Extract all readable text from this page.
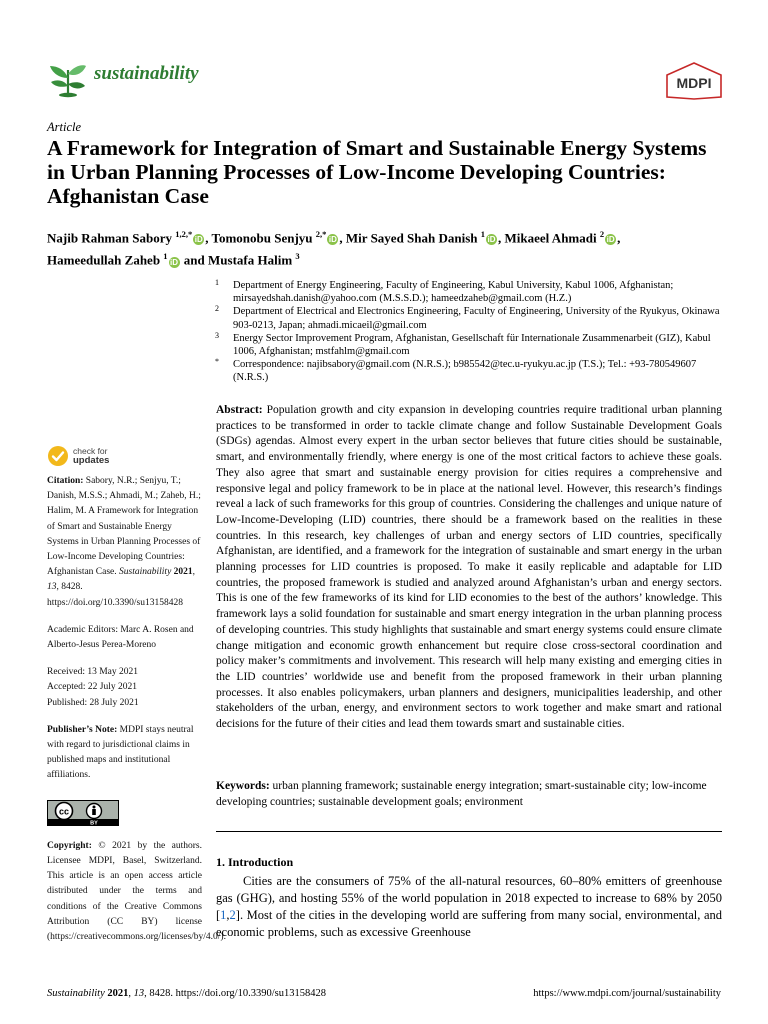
sustainability	MDPI
Article
A Framework for Integration of Smart and Sustainable Energy Systems in Urban Planning Processes of Low-Income Developing Countries: Afghanistan Case
Najib Rahman Sabory $^{1,2,*}$iD , Tomonobu Senjyu $^{2,*}$iD , Mir Sayed Shah Danish $^1$iD , Mikaeel Ahmadi $^2$iD ,
Hameedullah Zaheb $^1$iD and Mustafa Halim $^3$
1 Department of Energy Engineering, Faculty of Engineering, Kabul University, Kabul 1006, Afghanistan; mirsayedshah.danish@yahoo.com (M.S.S.D.); hameedzaheb@gmail.com (H.Z.)
2 Department of Electrical and Electronics Engineering, Faculty of Engineering, University of the Ryukyus, Okinawa 903-0213, Japan; ahmadi.micaeil@gmail.com
3 Energy Sector Improvement Program, Afghanistan, Gesellschaft für Internationale Zusammenarbeit (GIZ), Kabul 1006, Afghanistan; mstfahlm@gmail.com
* Correspondence: najibsabory@gmail.com (N.R.S.); b985542@tec.u-ryukyu.ac.jp (T.S.); Tel.: +93-780549607 (N.R.S.)
check for
updates
Citation: Sabory, N.R.; Senjyu, T.; Danish, M.S.S.; Ahmadi, M.; Zaheb, H.; Halim, M. A Framework for Integration of Smart and Sustainable Energy Systems in Urban Planning Processes of Low-Income Developing Countries: Afghanistan Case. Sustainability 2021, 13, 8428. https://doi.org/10.3390/su13158428
Academic Editors: Marc A. Rosen and Alberto-Jesus Perea-Moreno
Received: 13 May 2021
Accepted: 22 July 2021
Published: 28 July 2021
Publisher’s Note: MDPI stays neutral with regard to jurisdictional claims in published maps and institutional affiliations.
cc
BY
Copyright: © 2021 by the authors. Licensee MDPI, Basel, Switzerland. This article is an open access article distributed under the terms and conditions of the Creative Commons Attribution (CC BY) license (https://creativecommons.org/licenses/by/4.0/).
Abstract: Population growth and city expansion in developing countries require traditional urban planning practices to be transformed in order to tackle climate change and follow Sustainable Development Goals (SDGs) agendas. Almost every expert in the urban sector believes that future cities should be sustainable, smart, and environmentally friendly, where energy is one of the most critical factors to achieve these goals. They also agree that smart and sustainable energy provision for cities requires a comprehensive and responsive legal and policy framework to be in place at the national level. However, this research’s findings reveal a lack of such frameworks for this group of countries. Considering the challenges and unique nature of Low-Income-Developing (LID) countries, there should be a framework based on the realities in these countries. In this research, key challenges of urban and energy sectors of LID countries, specifically Afghanistan, are identified, and a framework for the integration of sustainable and smart energy in the urban planning processes for LID countries is proposed. To make it easily replicable and adaptable for LID countries, the proposed framework is studied and analyzed around Afghanistan’s urban and energy sectors. This is one of the few frameworks of its kind for LID economies to the best of the authors’ knowledge. This framework lays a solid foundation for sustainable and smart energy integration in the urban planning process of developing countries. This study highlights that sustainable and smart energy systems could ensure climate change mitigation and economic growth enhancement but require close cross-sectoral coordination and policy maker’s commitments and involvement. This research will help many existing and emerging cities in the LID countries’ worldwide use and benefit from the proposed framework in their urban planning processes. It also enables policymakers, urban planners and designers, municipalities leadership, and other stakeholders of the urban, energy, and environment sectors to work together and make smart and rational decisions for the future of their cities and lead them towards smart and sustainable cities.
Keywords: urban planning framework; sustainable energy integration; smart-sustainable city; low-income developing countries; sustainable development goals; environment
1. Introduction
Cities are the consumers of 75% of the all-natural resources, 60–80% emitters of greenhouse gas (GHG), and hosting 55% of the world population in 2018 expected to increase to 68% by 2050 [1,2]. Most of the cities in the developing world are suffering from many social, environmental, and economic problems, such as excessive Greenhouse
Sustainability 2021, 13, 8428. https://doi.org/10.3390/su13158428	https://www.mdpi.com/journal/sustainability
